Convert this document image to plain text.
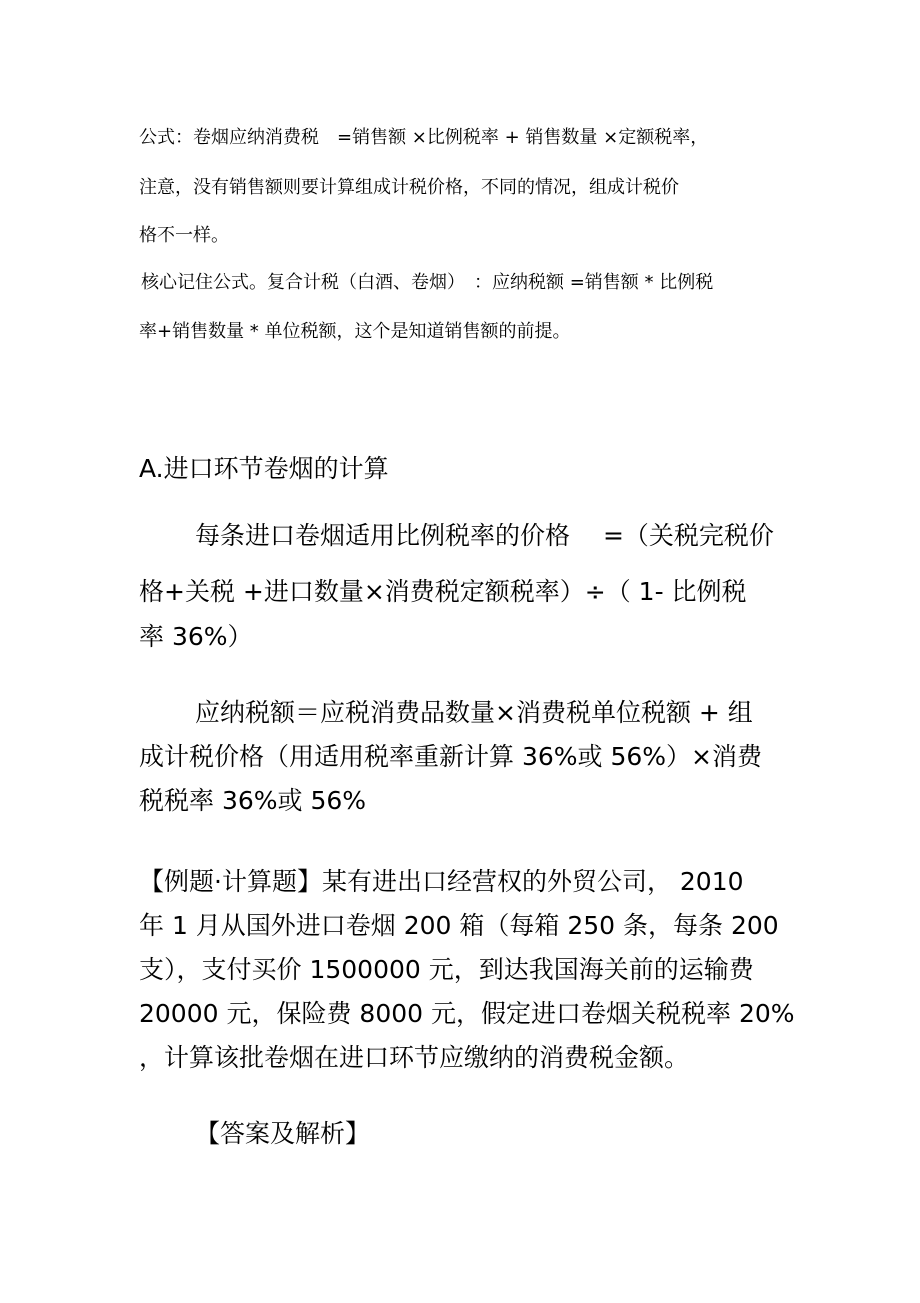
公式：卷烟应纳消费税　=销售额 ×比例税率 + 销售数量 ×定额税率，

注意，没有销售额则要计算组成计税价格，不同的情况，组成计税价

格不一样。

核心记住公式。复合计税（白酒、卷烟）　：应纳税额 =销售额 * 比例税

率+销售数量 * 单位税额，这个是知道销售额的前提。

A.进口环节卷烟的计算

每条进口卷烟适用比例税率的价格　 =（关税完税价

格+关税 +进口数量×消费税定额税率）÷（ 1- 比例税

率 36%）

应纳税额＝应税消费品数量×消费税单位税额 + 组

成计税价格（用适用税率重新计算 36%或 56%）×消费

税税率 36%或 56%

【例题·计算题】某有进出口经营权的外贸公司， 2010

年 1 月从国外进口卷烟 200 箱（每箱 250 条，每条 200

支），支付买价 1500000 元，到达我国海关前的运输费

20000 元，保险费 8000 元，假定进口卷烟关税税率 20%

，计算该批卷烟在进口环节应缴纳的消费税金额。

【答案及解析】
